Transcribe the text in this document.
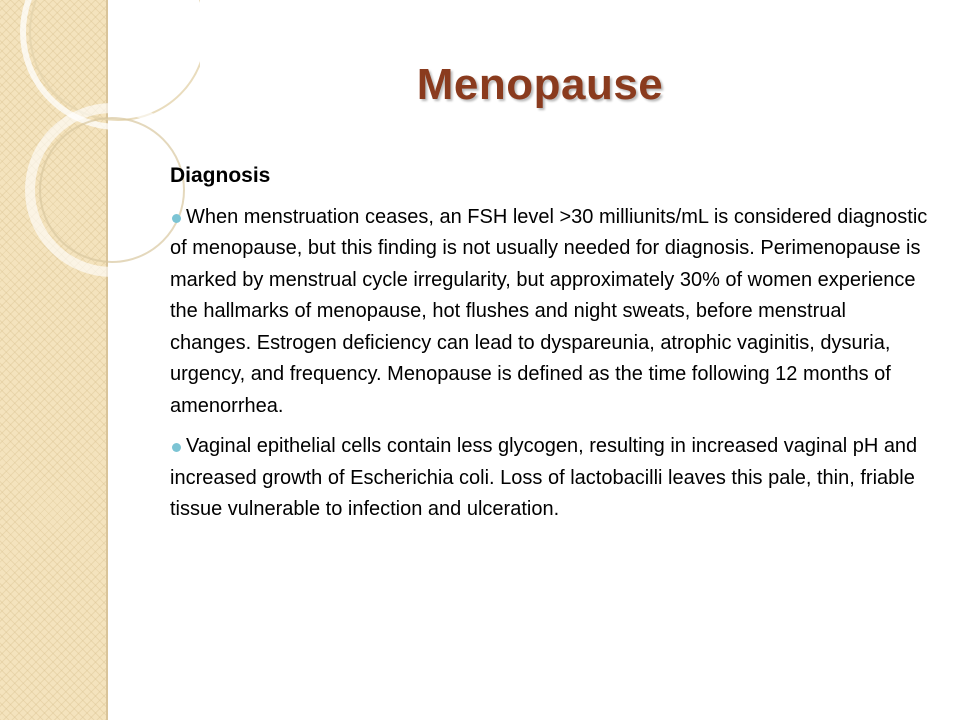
Menopause
Diagnosis
When menstruation ceases, an FSH level >30 milliunits/mL is considered diagnostic of menopause, but this finding is not usually needed for diagnosis. Perimenopause is marked by menstrual cycle irregularity, but approximately 30% of women experience the hallmarks of menopause, hot flushes and night sweats, before menstrual changes. Estrogen deficiency can lead to dyspareunia, atrophic vaginitis, dysuria, urgency, and frequency. Menopause is defined as the time following 12 months of amenorrhea.
Vaginal epithelial cells contain less glycogen, resulting in increased vaginal pH and increased growth of Escherichia coli. Loss of lactobacilli leaves this pale, thin, friable tissue vulnerable to infection and ulceration.
